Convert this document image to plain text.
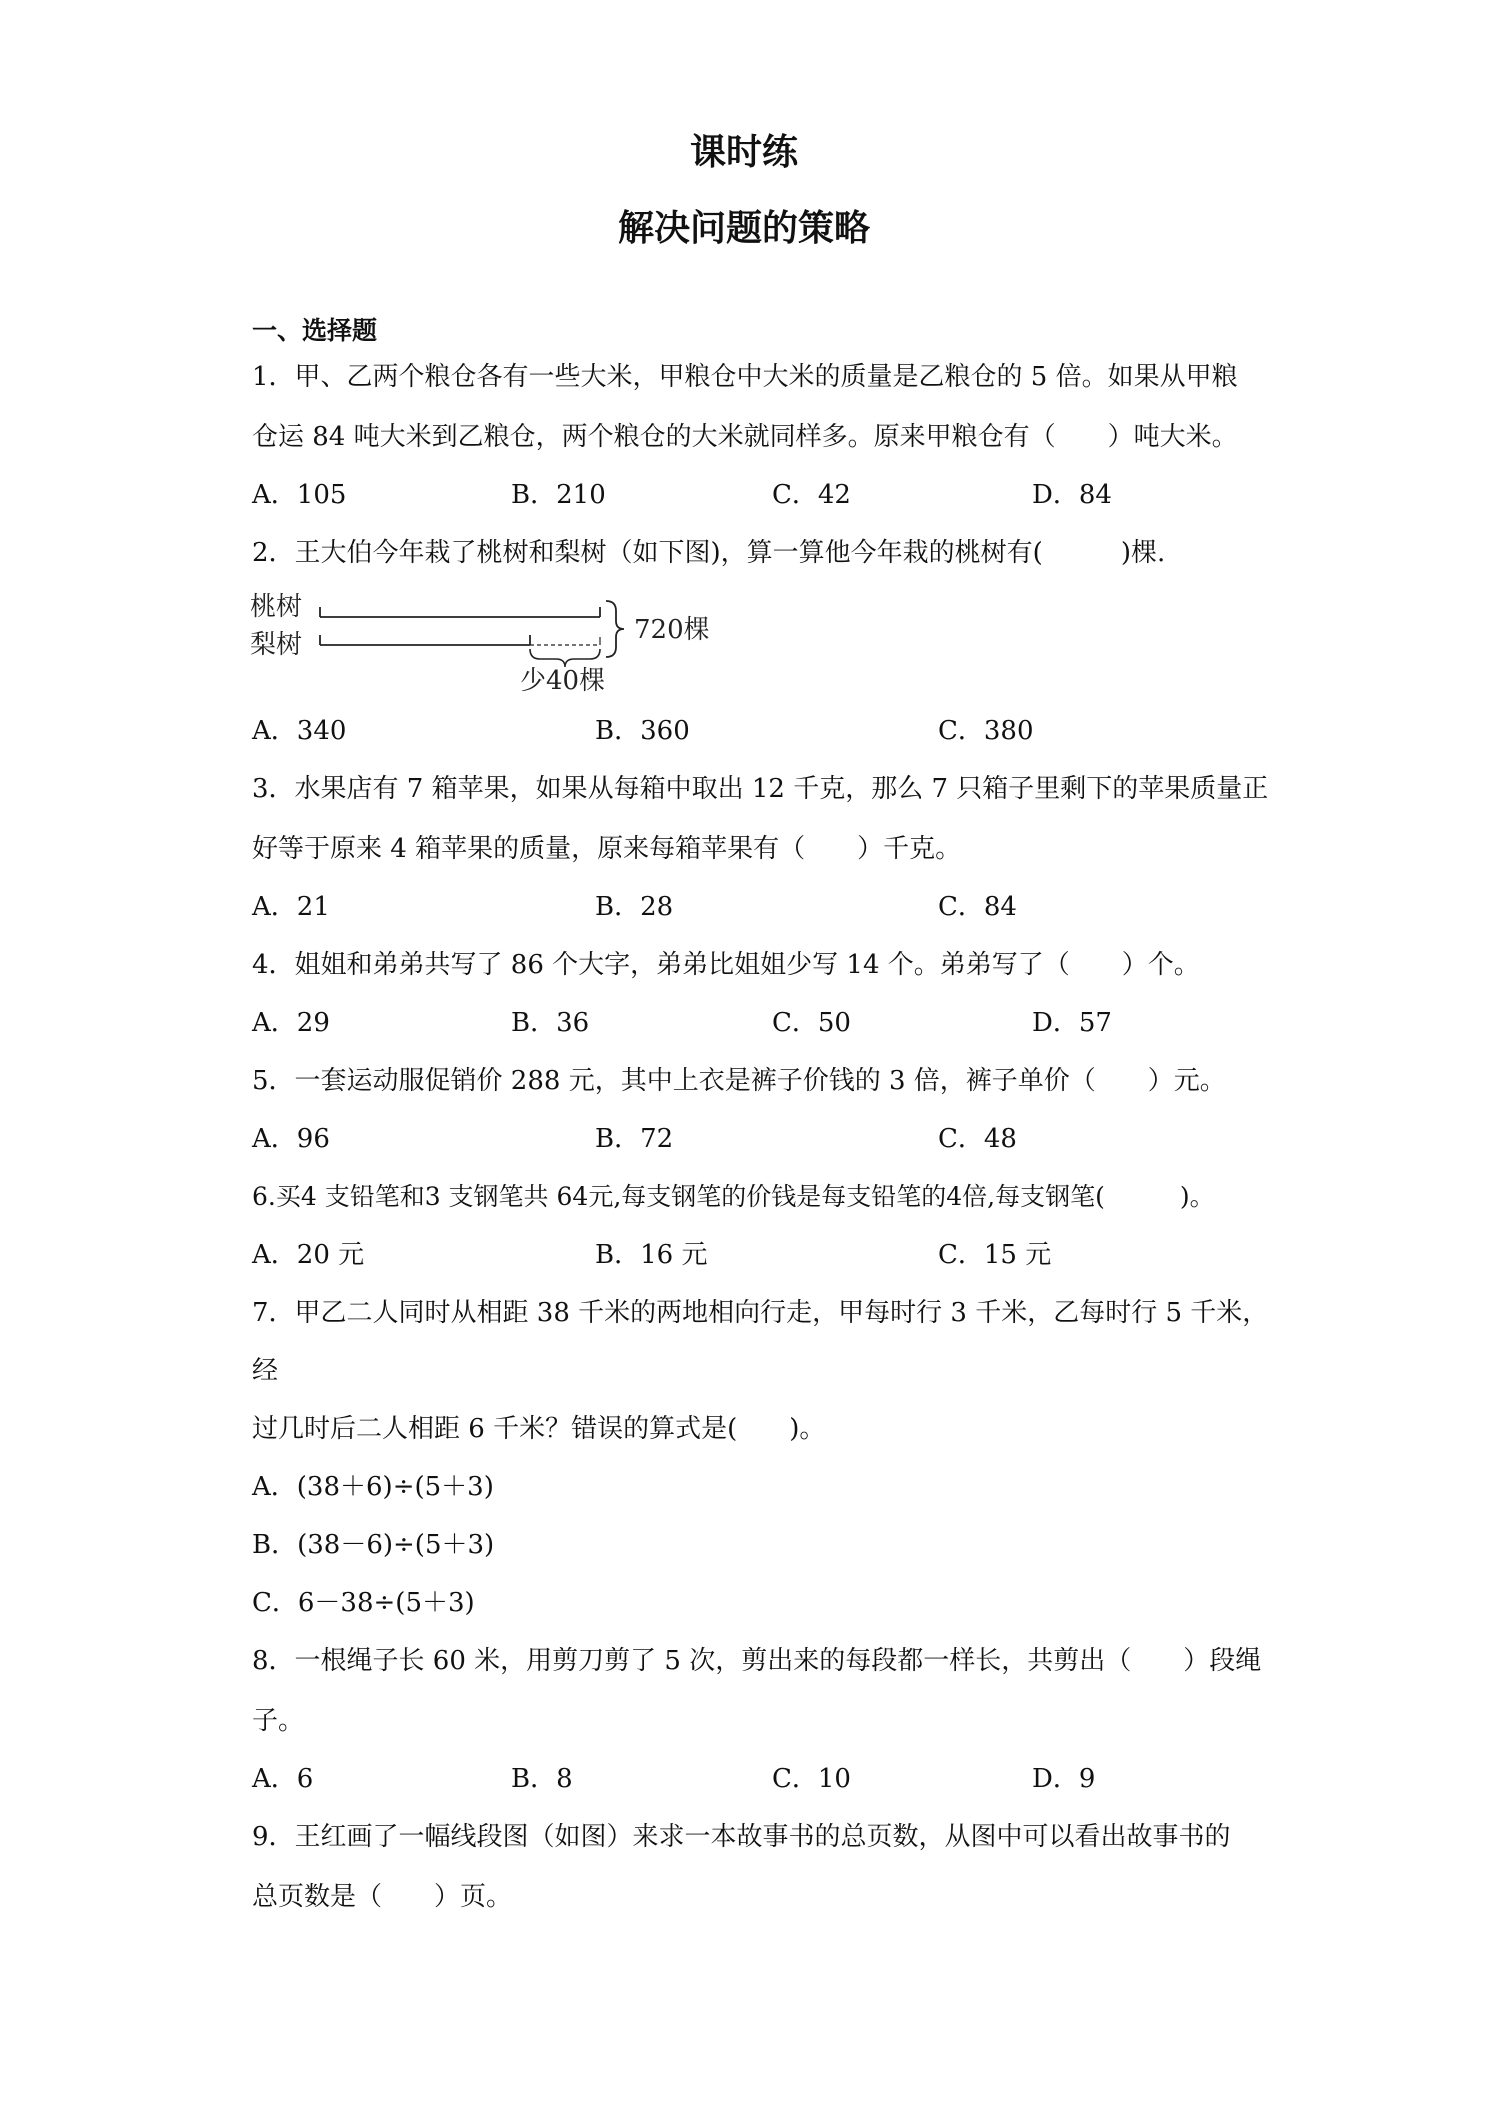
课时练
解决问题的策略
一、选择题
1．甲、乙两个粮仓各有一些大米，甲粮仓中大米的质量是乙粮仓的 5 倍。如果从甲粮
仓运 84 吨大米到乙粮仓，两个粮仓的大米就同样多。原来甲粮仓有（　　）吨大米。
A．105	B．210	C．42	D．84
2．王大伯今年栽了桃树和梨树（如下图)，算一算他今年栽的桃树有(　　　)棵.
桃树
梨树	720棵
少40棵
A．340	B．360	C．380
3．水果店有 7 箱苹果，如果从每箱中取出 12 千克，那么 7 只箱子里剩下的苹果质量正
好等于原来 4 箱苹果的质量，原来每箱苹果有（　　）千克。
A．21	B．28	C．84
4．姐姐和弟弟共写了 86 个大字，弟弟比姐姐少写 14 个。弟弟写了（　　）个。
A．29	B．36	C．50	D．57
5．一套运动服促销价 288 元，其中上衣是裤子价钱的 3 倍，裤子单价（　　）元。
A．96	B．72	C．48
6.买4 支铅笔和3 支钢笔共 64元,每支钢笔的价钱是每支铅笔的4倍,每支钢笔(　　　)。
A．20 元	B．16 元	C．15 元
7．甲乙二人同时从相距 38 千米的两地相向行走，甲每时行 3 千米，乙每时行 5 千米，
经
过几时后二人相距 6 千米？错误的算式是(　　)。
A．(38＋6)÷(5＋3)
B．(38－6)÷(5＋3)
C．6－38÷(5＋3)
8．一根绳子长 60 米，用剪刀剪了 5 次，剪出来的每段都一样长，共剪出（　　）段绳
子。
A．6	B．8	C．10	D．9
9．王红画了一幅线段图（如图）来求一本故事书的总页数，从图中可以看出故事书的
总页数是（　　）页。
